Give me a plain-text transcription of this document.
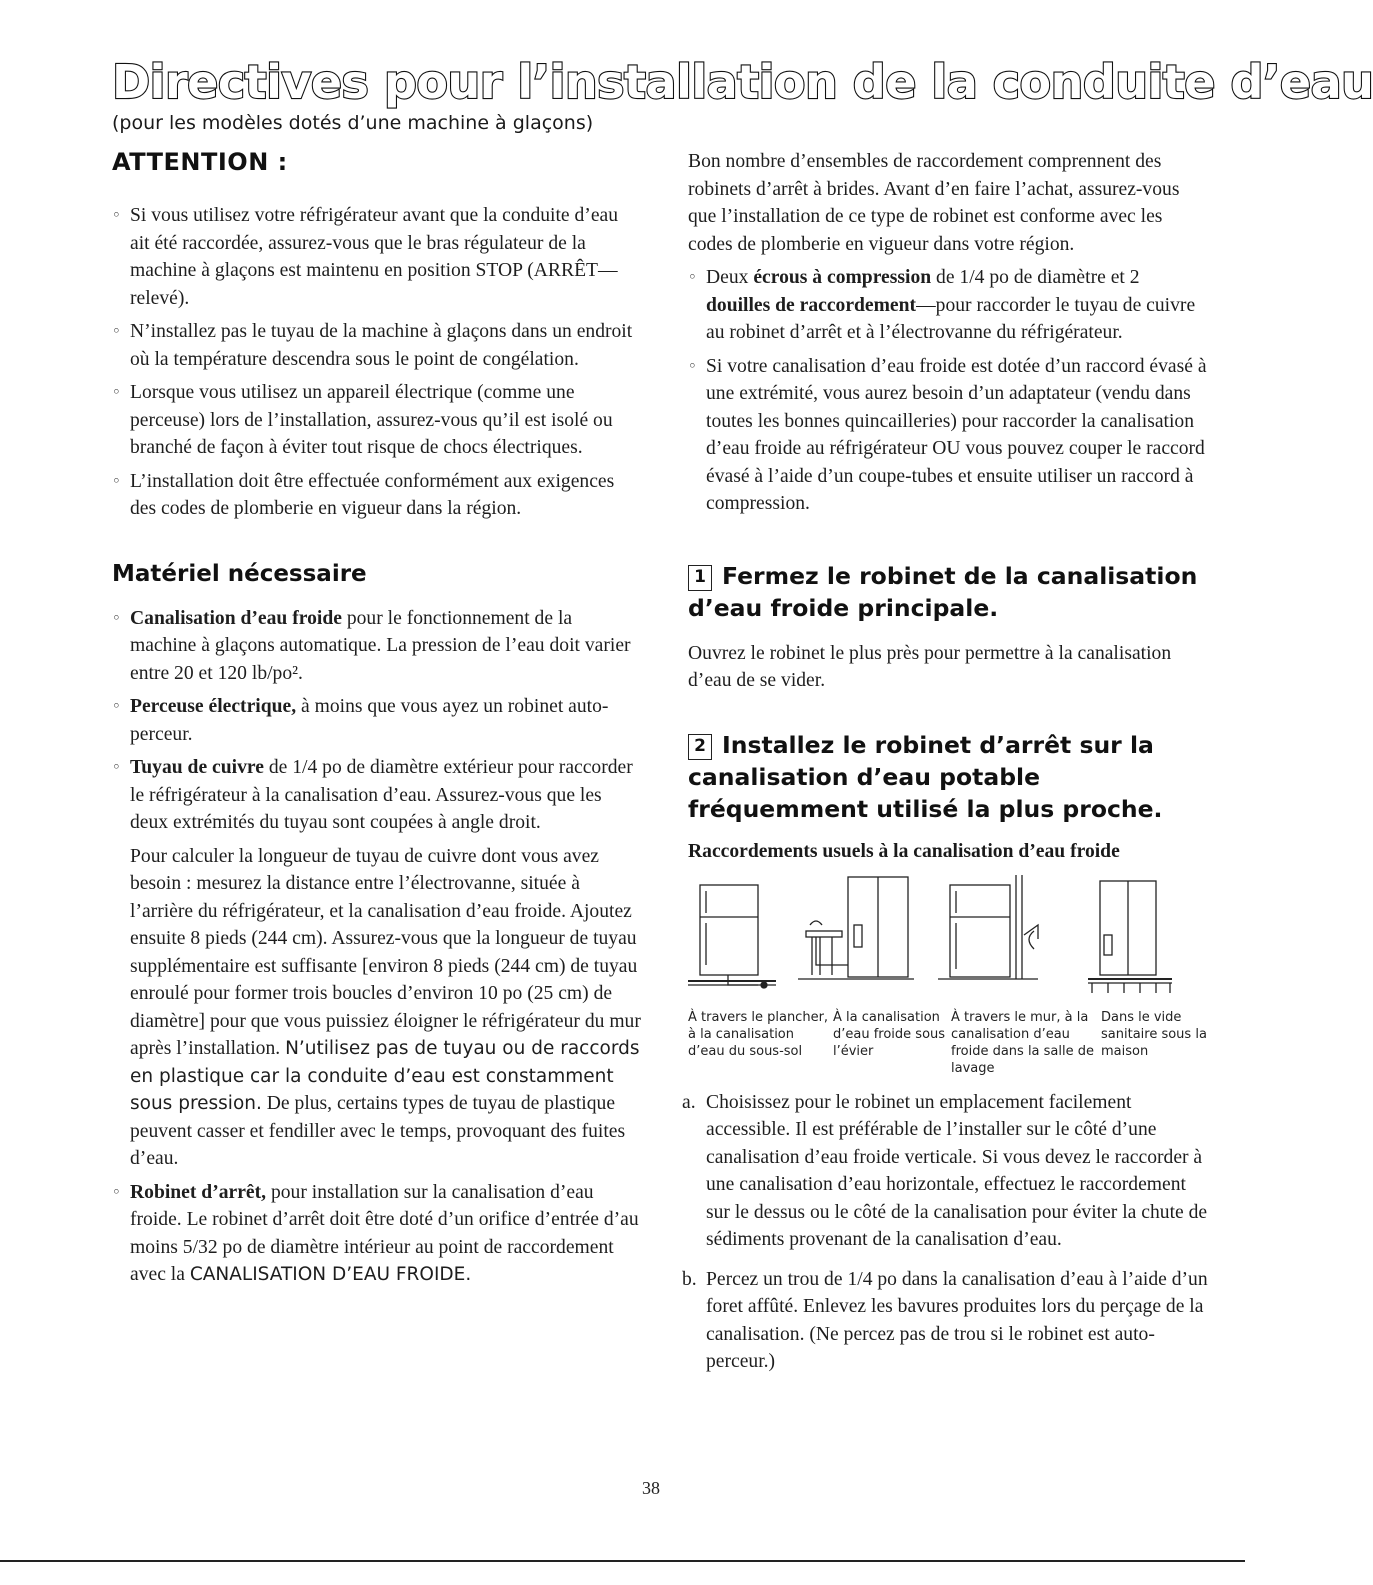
Directives pour l’installation de la conduite d’eau
(pour les modèles dotés d’une machine à glaçons)
ATTENTION :
◦ Si vous utilisez votre réfrigérateur avant que la conduite d’eau ait été raccordée, assurez-vous que le bras régulateur de la machine à glaçons est maintenu en position STOP (ARRÊT—relevé).
◦ N’installez pas le tuyau de la machine à glaçons dans un endroit où la température descendra sous le point de congélation.
◦ Lorsque vous utilisez un appareil électrique (comme une perceuse) lors de l’installation, assurez-vous qu’il est isolé ou branché de façon à éviter tout risque de chocs électriques.
◦ L’installation doit être effectuée conformément aux exigences des codes de plomberie en vigueur dans la région.
Matériel nécessaire
◦ Canalisation d’eau froide pour le fonctionnement de la machine à glaçons automatique. La pression de l’eau doit varier entre 20 et 120 lb/po².
◦ Perceuse électrique, à moins que vous ayez un robinet auto-perceur.
◦ Tuyau de cuivre de 1/4 po de diamètre extérieur pour raccorder le réfrigérateur à la canalisation d’eau. Assurez-vous que les deux extrémités du tuyau sont coupées à angle droit.
Pour calculer la longueur de tuyau de cuivre dont vous avez besoin : mesurez la distance entre l’électrovanne, située à l’arrière du réfrigérateur, et la canalisation d’eau froide. Ajoutez ensuite 8 pieds (244 cm). Assurez-vous que la longueur de tuyau supplémentaire est suffisante [environ 8 pieds (244 cm) de tuyau enroulé pour former trois boucles d’environ 10 po (25 cm) de diamètre] pour que vous puissiez éloigner le réfrigérateur du mur après l’installation. N’utilisez pas de tuyau ou de raccords en plastique car la conduite d’eau est constamment sous pression. De plus, certains types de tuyau de plastique peuvent casser et fendiller avec le temps, provoquant des fuites d’eau.
◦ Robinet d’arrêt, pour installation sur la canalisation d’eau froide. Le robinet d’arrêt doit être doté d’un orifice d’entrée d’au moins 5/32 po de diamètre intérieur au point de raccordement avec la CANALISATION D’EAU FROIDE.
Bon nombre d’ensembles de raccordement comprennent des robinets d’arrêt à brides. Avant d’en faire l’achat, assurez-vous que l’installation de ce type de robinet est conforme avec les codes de plomberie en vigueur dans votre région.
◦ Deux écrous à compression de 1/4 po de diamètre et 2 douilles de raccordement—pour raccorder le tuyau de cuivre au robinet d’arrêt et à l’électrovanne du réfrigérateur.
◦ Si votre canalisation d’eau froide est dotée d’un raccord évasé à une extrémité, vous aurez besoin d’un adaptateur (vendu dans toutes les bonnes quincailleries) pour raccorder la canalisation d’eau froide au réfrigérateur OU vous pouvez couper le raccord évasé à l’aide d’un coupe-tubes et ensuite utiliser un raccord à compression.
1 Fermez le robinet de la canalisation d’eau froide principale.
Ouvrez le robinet le plus près pour permettre à la canalisation d’eau de se vider.
2 Installez le robinet d’arrêt sur la canalisation d’eau potable fréquemment utilisé la plus proche.
Raccordements usuels à la canalisation d’eau froide
À travers le plancher, à la canalisation d’eau du sous-sol
À la canalisation d’eau froide sous l’évier
À travers le mur, à la canalisation d’eau froide dans la salle de lavage
Dans le vide sanitaire sous la maison
a. Choisissez pour le robinet un emplacement facilement accessible. Il est préférable de l’installer sur le côté d’une canalisation d’eau froide verticale. Si vous devez le raccorder à une canalisation d’eau horizontale, effectuez le raccordement sur le dessus ou le côté de la canalisation pour éviter la chute de sédiments provenant de la canalisation d’eau.
b. Percez un trou de 1/4 po dans la canalisation d’eau à l’aide d’un foret affûté. Enlevez les bavures produites lors du perçage de la canalisation. (Ne percez pas de trou si le robinet est auto-perceur.)
38
